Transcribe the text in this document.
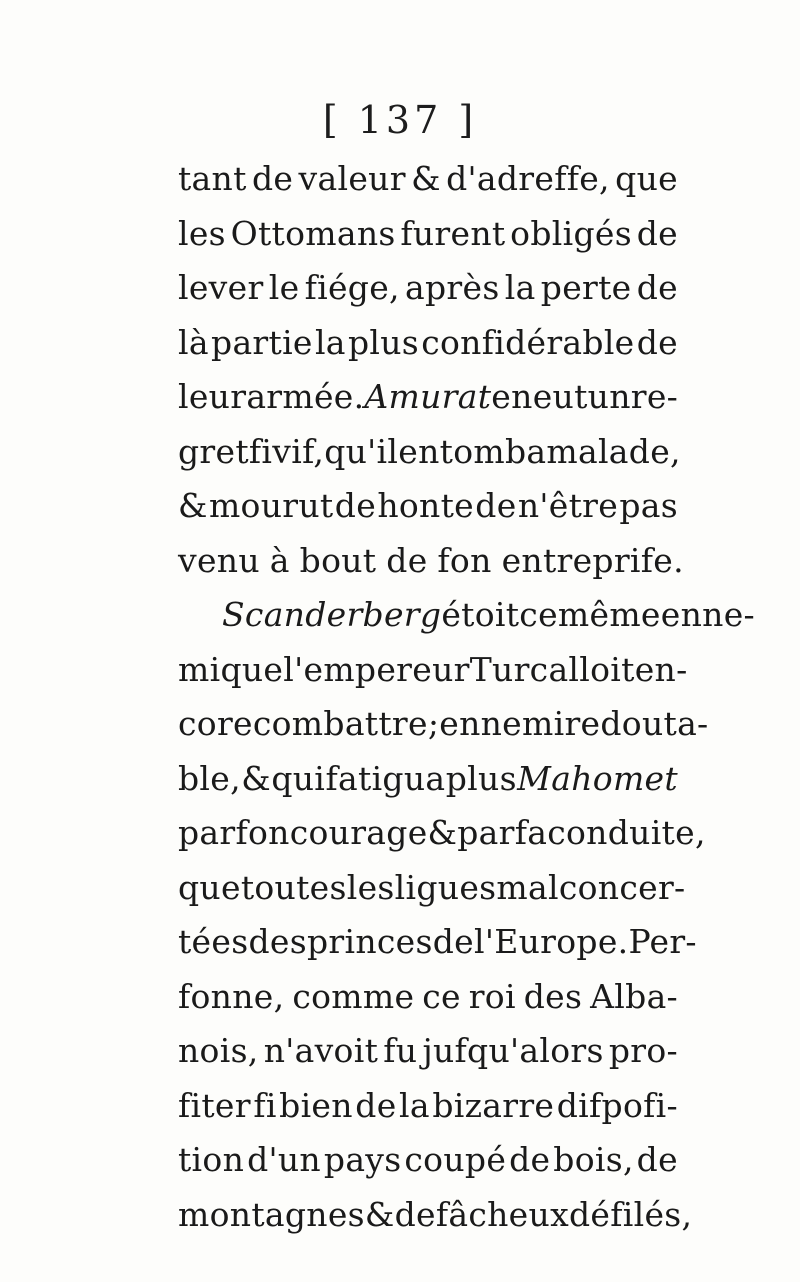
[ 137 ]
tant de valeur & d'adreffe, que
les Ottomans furent obligés de
lever le fiége, après la perte de
là partie la plus confidérable de
leur armée. Amurat en eut un re-
gret fi vif, qu'il en tomba malade,
& mourut de honte de n'être pas
venu à bout de fon entreprife.
Scanderberg étoit ce même enne-
mi que l'empereur Turc alloit en-
core combattre; ennemi redouta-
ble, & qui fatigua plus Mahomet
par fon courage & par fa conduite,
que toutes les ligues mal concer-
tées des princes de l'Europe. Per-
fonne, comme ce roi des Alba-
nois, n'avoit fu jufqu'alors pro-
fiter fi bien de la bizarre difpofi-
tion d'un pays coupé de bois, de
montagnes & de fâcheux défilés,
